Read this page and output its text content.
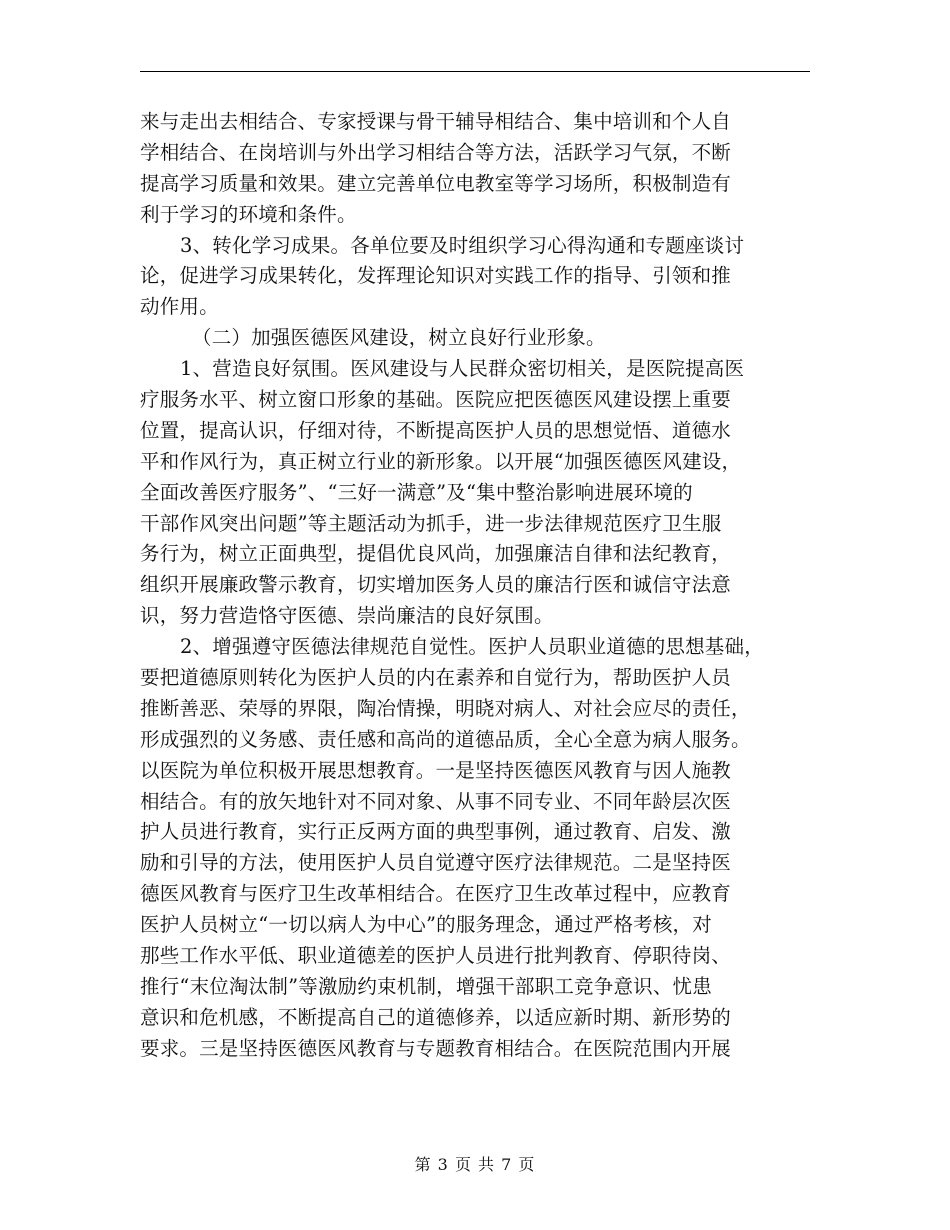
来与走出去相结合、专家授课与骨干辅导相结合、集中培训和个人自
学相结合、在岗培训与外出学习相结合等方法，活跃学习气氛，不断
提高学习质量和效果。建立完善单位电教室等学习场所，积极制造有
利于学习的环境和条件。
3、转化学习成果。各单位要及时组织学习心得沟通和专题座谈讨
论，促进学习成果转化，发挥理论知识对实践工作的指导、引领和推
动作用。
（二）加强医德医风建设，树立良好行业形象。
1、营造良好氛围。医风建设与人民群众密切相关，是医院提高医
疗服务水平、树立窗口形象的基础。医院应把医德医风建设摆上重要
位置，提高认识，仔细对待，不断提高医护人员的思想觉悟、道德水
平和作风行为，真正树立行业的新形象。以开展“加强医德医风建设，
全面改善医疗服务”、“三好一满意”及“集中整治影响进展环境的
干部作风突出问题”等主题活动为抓手，进一步法律规范医疗卫生服
务行为，树立正面典型，提倡优良风尚，加强廉洁自律和法纪教育，
组织开展廉政警示教育，切实增加医务人员的廉洁行医和诚信守法意
识，努力营造恪守医德、崇尚廉洁的良好氛围。
2、增强遵守医德法律规范自觉性。医护人员职业道德的思想基础，
要把道德原则转化为医护人员的内在素养和自觉行为，帮助医护人员
推断善恶、荣辱的界限，陶冶情操，明晓对病人、对社会应尽的责任，
形成强烈的义务感、责任感和高尚的道德品质，全心全意为病人服务。
以医院为单位积极开展思想教育。一是坚持医德医风教育与因人施教
相结合。有的放矢地针对不同对象、从事不同专业、不同年龄层次医
护人员进行教育，实行正反两方面的典型事例，通过教育、启发、激
励和引导的方法，使用医护人员自觉遵守医疗法律规范。二是坚持医
德医风教育与医疗卫生改革相结合。在医疗卫生改革过程中，应教育
医护人员树立“一切以病人为中心”的服务理念，通过严格考核，对
那些工作水平低、职业道德差的医护人员进行批判教育、停职待岗、
推行“末位淘汰制”等激励约束机制，增强干部职工竞争意识、忧患
意识和危机感，不断提高自己的道德修养，以适应新时期、新形势的
要求。三是坚持医德医风教育与专题教育相结合。在医院范围内开展
第 3 页 共 7 页
